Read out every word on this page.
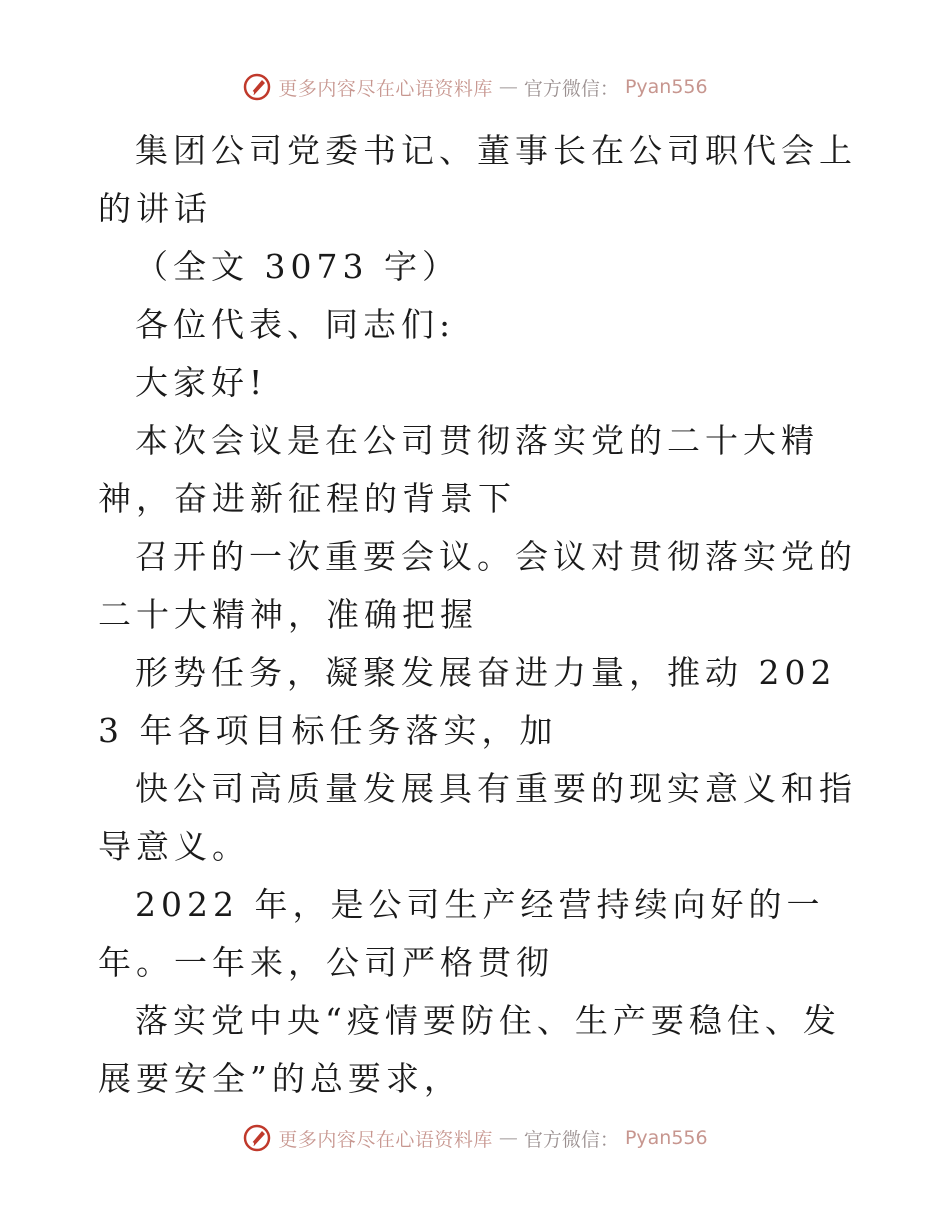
更多内容尽在心语资料库 — 官方微信： Pyan556

集团公司党委书记、董事长在公司职代会上的讲话

（全文 3073 字）

各位代表、同志们:

大家好!

本次会议是在公司贯彻落实党的二十大精神，奋进新征程的背景下

召开的一次重要会议。会议对贯彻落实党的二十大精神，准确把握

形势任务，凝聚发展奋进力量，推动 2023 年各项目标任务落实，加

快公司高质量发展具有重要的现实意义和指导意义。

2022 年，是公司生产经营持续向好的一年。一年来，公司严格贯彻

落实党中央“疫情要防住、生产要稳住、发展要安全”的总要求，

更多内容尽在心语资料库 — 官方微信： Pyan556
